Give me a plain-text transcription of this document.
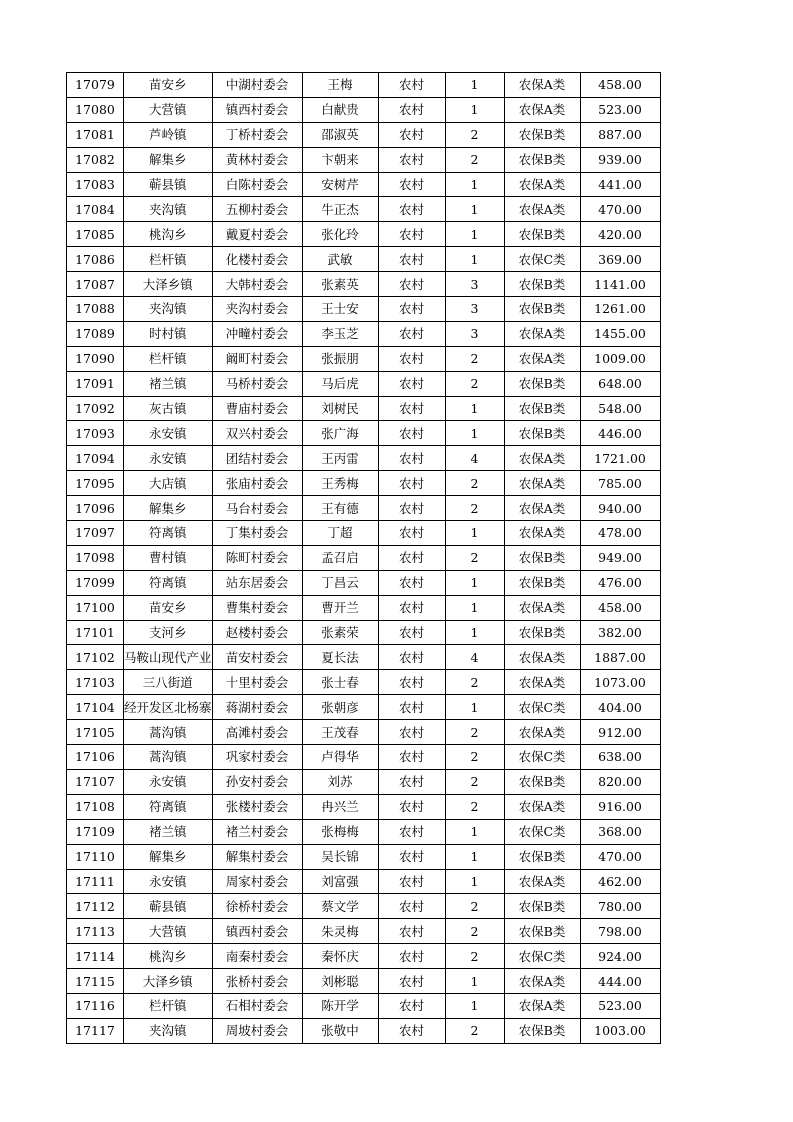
17079	苗安乡	中湖村委会	王梅	农村	1	农保A类	458.00
17080	大营镇	镇西村委会	白献贵	农村	1	农保A类	523.00
17081	芦岭镇	丁桥村委会	邵淑英	农村	2	农保B类	887.00
17082	解集乡	黄林村委会	卞朝来	农村	2	农保B类	939.00
17083	蕲县镇	白陈村委会	安树芹	农村	1	农保A类	441.00
17084	夹沟镇	五柳村委会	牛正杰	农村	1	农保A类	470.00
17085	桃沟乡	戴夏村委会	张化玲	农村	1	农保B类	420.00
17086	栏杆镇	化楼村委会	武敏	农村	1	农保C类	369.00
17087	大泽乡镇	大韩村委会	张素英	农村	3	农保B类	1141.00
17088	夹沟镇	夹沟村委会	王士安	农村	3	农保B类	1261.00
17089	时村镇	冲疃村委会	李玉芝	农村	3	农保A类	1455.00
17090	栏杆镇	阚町村委会	张振朋	农村	2	农保A类	1009.00
17091	褚兰镇	马桥村委会	马后虎	农村	2	农保B类	648.00
17092	灰古镇	曹庙村委会	刘树民	农村	1	农保B类	548.00
17093	永安镇	双兴村委会	张广海	农村	1	农保B类	446.00
17094	永安镇	团结村委会	王丙雷	农村	4	农保A类	1721.00
17095	大店镇	张庙村委会	王秀梅	农村	2	农保A类	785.00
17096	解集乡	马台村委会	王有德	农村	2	农保A类	940.00
17097	符离镇	丁集村委会	丁超	农村	1	农保A类	478.00
17098	曹村镇	陈町村委会	孟召启	农村	2	农保B类	949.00
17099	符离镇	站东居委会	丁昌云	农村	1	农保B类	476.00
17100	苗安乡	曹集村委会	曹开兰	农村	1	农保A类	458.00
17101	支河乡	赵楼村委会	张素荣	农村	1	农保B类	382.00
17102	马鞍山现代产业	苗安村委会	夏长法	农村	4	农保A类	1887.00
17103	三八街道	十里村委会	张士春	农村	2	农保A类	1073.00
17104	经开发区北杨寨	蒋湖村委会	张朝彦	农村	1	农保C类	404.00
17105	蒿沟镇	高滩村委会	王茂春	农村	2	农保A类	912.00
17106	蒿沟镇	巩家村委会	卢得华	农村	2	农保C类	638.00
17107	永安镇	孙安村委会	刘苏	农村	2	农保B类	820.00
17108	符离镇	张楼村委会	冉兴兰	农村	2	农保A类	916.00
17109	褚兰镇	褚兰村委会	张梅梅	农村	1	农保C类	368.00
17110	解集乡	解集村委会	吴长锦	农村	1	农保B类	470.00
17111	永安镇	周家村委会	刘富强	农村	1	农保A类	462.00
17112	蕲县镇	徐桥村委会	蔡文学	农村	2	农保B类	780.00
17113	大营镇	镇西村委会	朱灵梅	农村	2	农保B类	798.00
17114	桃沟乡	南秦村委会	秦怀庆	农村	2	农保C类	924.00
17115	大泽乡镇	张桥村委会	刘彬聪	农村	1	农保A类	444.00
17116	栏杆镇	石相村委会	陈开学	农村	1	农保A类	523.00
17117	夹沟镇	周坡村委会	张敬中	农村	2	农保B类	1003.00
